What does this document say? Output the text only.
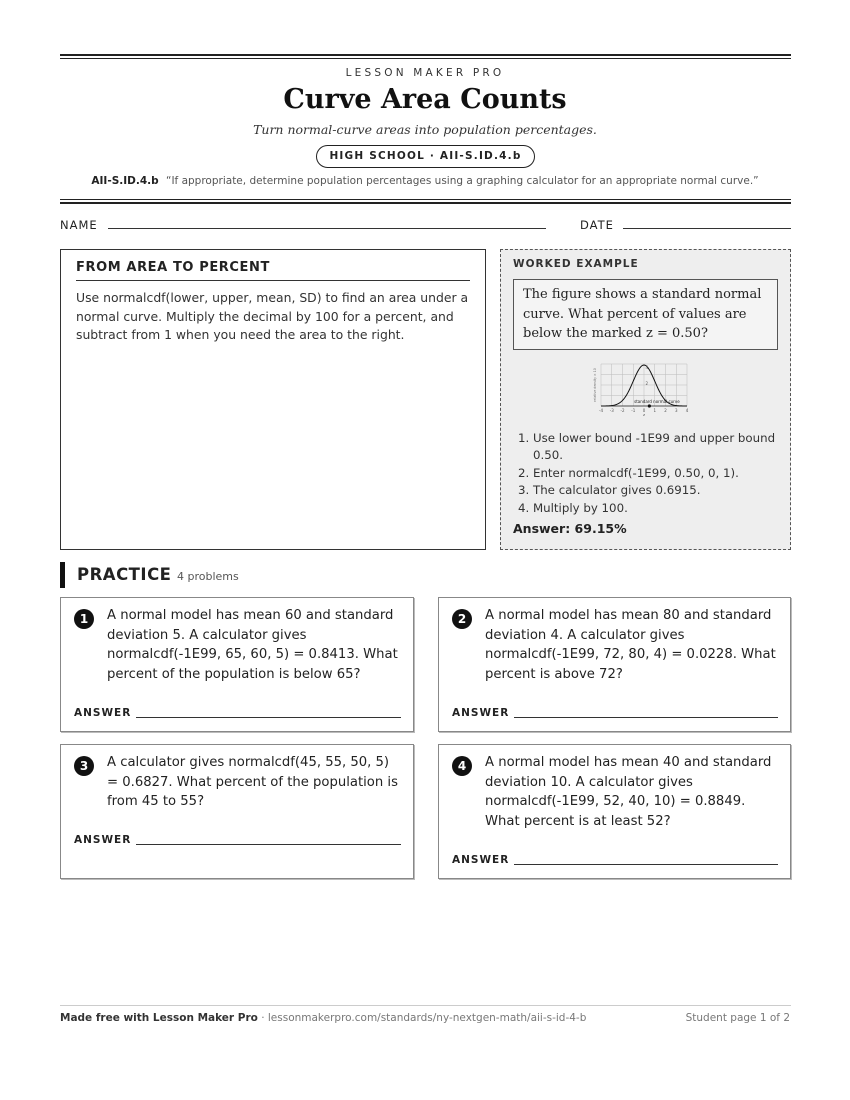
LESSON MAKER PRO
Curve Area Counts
Turn normal-curve areas into population percentages.
HIGH SCHOOL · AII-S.ID.4.b
AII-S.ID.4.b “If appropriate, determine population percentages using a graphing calculator for an appropriate normal curve.”
NAME	DATE
FROM AREA TO PERCENT

Use normalcdf(lower, upper, mean, SD) to find an area under a normal curve. Multiply the decimal by 100 for a percent, and subtract from 1 when you need the area to the right.

WORKED EXAMPLE
The figure shows a standard normal curve. What percent of values are below the marked z = 0.50?
-4 -3 -2 -1 0 1 2 3 4
4
2
z
standard normal curve
relative density × 10
1. Use lower bound -1E99 and upper bound 0.50.
2. Enter normalcdf(-1E99, 0.50, 0, 1).
3. The calculator gives 0.6915.
4. Multiply by 100.
Answer: 69.15%
PRACTICE 4 problems
1	A normal model has mean 60 and standard deviation 5. A calculator gives normalcdf(-1E99, 65, 60, 5) = 0.8413. What percent of the population is below 65?
ANSWER
2	A normal model has mean 80 and standard deviation 4. A calculator gives normalcdf(-1E99, 72, 80, 4) = 0.0228. What percent is above 72?
ANSWER
3	A calculator gives normalcdf(45, 55, 50, 5) = 0.6827. What percent of the population is from 45 to 55?
ANSWER
4	A normal model has mean 40 and standard deviation 10. A calculator gives normalcdf(-1E99, 52, 40, 10) = 0.8849. What percent is at least 52?
ANSWER
Made free with Lesson Maker Pro · lessonmakerpro.com/standards/ny-nextgen-math/aii-s-id-4-b	Student page 1 of 2
